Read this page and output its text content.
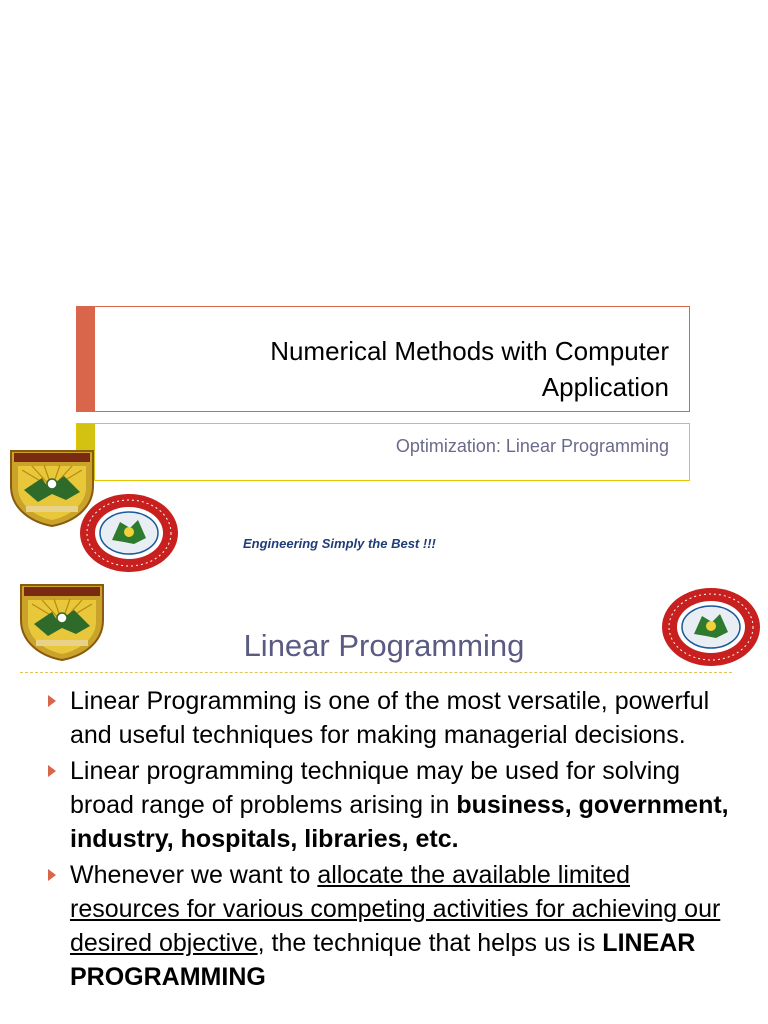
Numerical Methods with Computer
Application
Optimization: Linear Programming
Engineering Simply the Best !!!
Linear Programming
Linear Programming is one of the most versatile, powerful and useful techniques for making managerial decisions.
Linear programming technique may be used for solving broad range of problems arising in business, government, industry, hospitals, libraries, etc.
Whenever we want to allocate the available limited resources for various competing activities for achieving our desired objective, the technique that helps us is LINEAR PROGRAMMING
